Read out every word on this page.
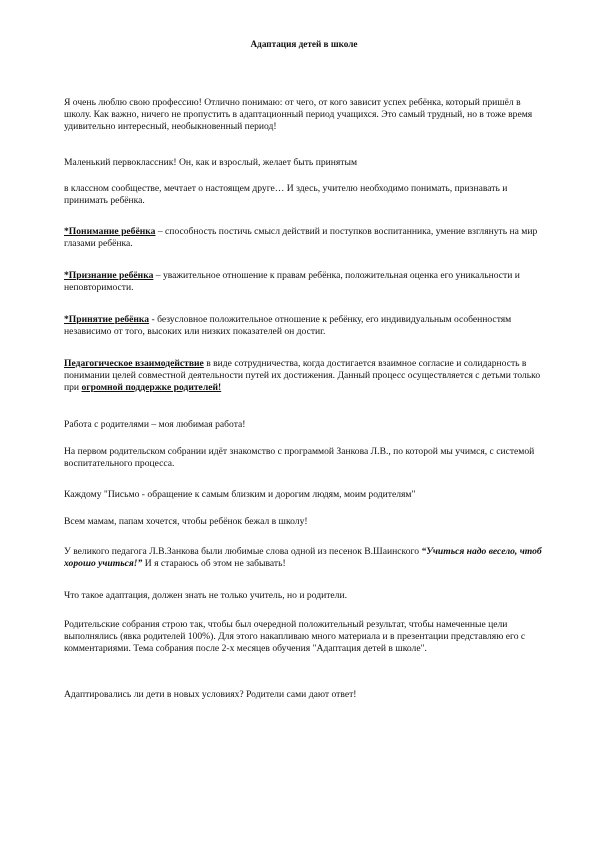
Адаптация детей в школе
Я очень люблю свою профессию! Отлично понимаю: от чего, от кого зависит успех ребёнка, который пришёл в школу. Как важно, ничего не пропустить в адаптационный период учащихся. Это самый трудный, но в тоже время удивительно интересный, необыкновенный период!
Маленький первоклассник! Он, как и взрослый, желает быть принятым
в классном сообществе, мечтает о настоящем друге… И здесь, учителю необходимо понимать, признавать и принимать ребёнка.
*Понимание ребёнка – способность постичь смысл действий и поступков воспитанника, умение взглянуть на мир глазами ребёнка.
*Признание ребёнка – уважительное отношение к правам ребёнка, положительная оценка его уникальности и неповторимости.
*Принятие ребёнка - безусловное положительное отношение к ребёнку, его индивидуальным особенностям независимо от того, высоких или низких показателей он достиг.
Педагогическое взаимодействие в виде сотрудничества, когда достигается взаимное согласие и солидарность в понимании целей совместной деятельности путей их достижения. Данный процесс осуществляется с детьми только при огромной поддержке родителей!
Работа с родителями – моя любимая работа!
На первом родительском собрании идёт знакомство с программой Занкова Л.В., по которой мы учимся, с системой воспитательного процесса.
Каждому "Письмо - обращение к самым близким и дорогим людям, моим родителям"
Всем мамам, папам хочется, чтобы ребёнок бежал в школу!
У великого педагога Л.В.Занкова были любимые слова одной из песенок В.Шаинского “Учиться надо весело, чтоб хорошо учиться!” И я стараюсь об этом не забывать!
Что такое адаптация, должен знать не только учитель, но и родители.
Родительские собрания строю так, чтобы был очередной положительный результат, чтобы намеченные цели выполнялись (явка родителей 100%). Для этого накапливаю много материала и в презентации представляю его с комментариями. Тема собрания после 2-х месяцев обучения "Адаптация детей в школе".
Адаптировались ли дети в новых условиях? Родители сами дают ответ!
